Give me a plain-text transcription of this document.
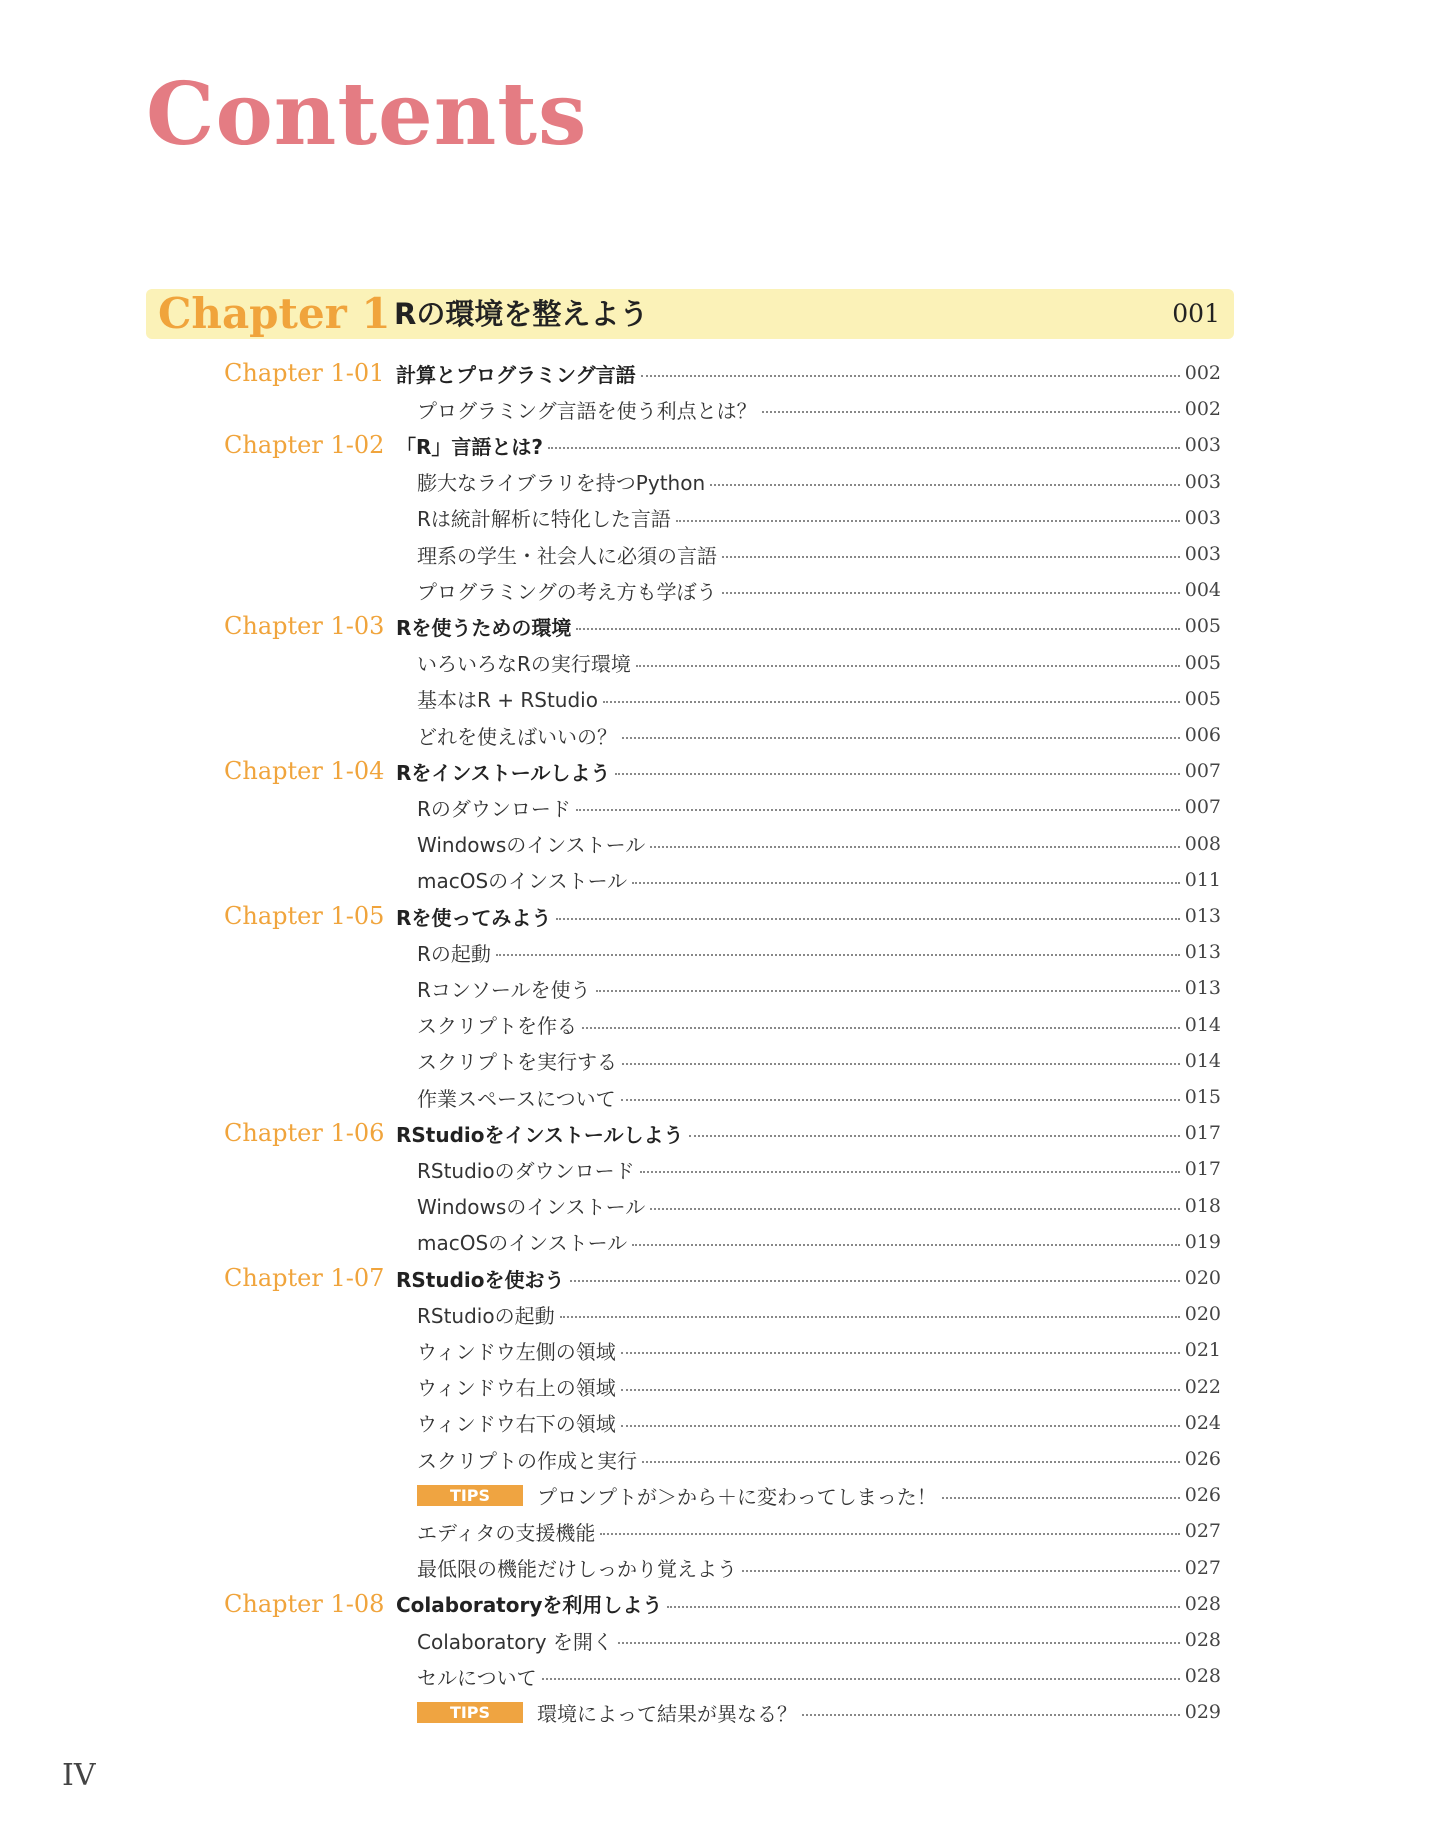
Contents
Chapter 1 Rの環境を整えよう	001
Chapter 1-01 計算とプログラミング言語	002
プログラミング言語を使う利点とは？	002
Chapter 1-02 「R」言語とは?	003
膨大なライブラリを持つPython	003
Rは統計解析に特化した言語	003
理系の学生・社会人に必須の言語	003
プログラミングの考え方も学ぼう	004
Chapter 1-03 Rを使うための環境	005
いろいろなRの実行環境	005
基本はR + RStudio	005
どれを使えばいいの？	006
Chapter 1-04 Rをインストールしよう	007
Rのダウンロード	007
Windowsのインストール	008
macOSのインストール	011
Chapter 1-05 Rを使ってみよう	013
Rの起動	013
Rコンソールを使う	013
スクリプトを作る	014
スクリプトを実行する	014
作業スペースについて	015
Chapter 1-06 RStudioをインストールしよう	017
RStudioのダウンロード	017
Windowsのインストール	018
macOSのインストール	019
Chapter 1-07 RStudioを使おう	020
RStudioの起動	020
ウィンドウ左側の領域	021
ウィンドウ右上の領域	022
ウィンドウ右下の領域	024
スクリプトの作成と実行	026
TIPS	プロンプトが＞から＋に変わってしまった！	026
エディタの支援機能	027
最低限の機能だけしっかり覚えよう	027
Chapter 1-08 Colaboratoryを利用しよう	028
Colaboratory を開く	028
セルについて	028
TIPS	環境によって結果が異なる？	029
IV
